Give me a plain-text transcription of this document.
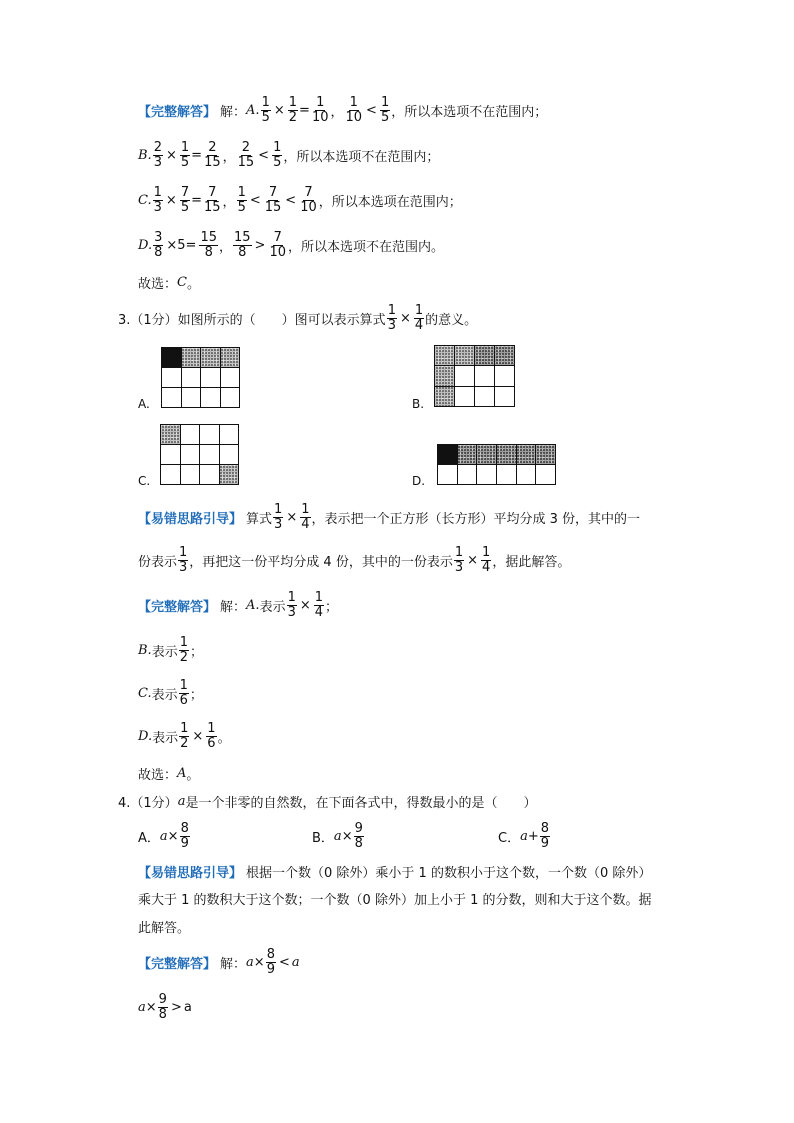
【完整解答】 解： A. $\frac{1}{5} \times \frac{1}{2} = \frac{1}{10}$ ，
1
10 <
1
5 ，所以本选项不在范围内；
B. $\frac{2}{3} \times \frac{1}{5} = \frac{2}{15}$ ，
2
15 <
1
5 ，所以本选项不在范围内；
C. $\frac{1}{3} \times \frac{7}{5} = \frac{7}{15}$ ，
1
5 <
7
15 <
7
10 ，所以本选项在范围内；
D. $\frac{3}{8} \times 5= \frac{15}{8}$ ，
15
8 >
7
10 ，所以本选项不在范围内。
故选： C 。
3.（1分）如图所示的（　　）图可以表示算式 $\frac{1}{3} \times \frac{1}{4}$ 的意义。

A.

				B.

C.

						D.
【易错思路引导】 算式 $\frac{1}{3} \times \frac{1}{4}$ ，表示把一个正方形（长方形）平均分成 3 份，其中的一
份表示
1
3 ，再把这一份平均分成 4 份，其中的一份表示 $\frac{1}{3} \times \frac{1}{4}$ ，据此解答。
【完整解答】 解： A. 表示 $\frac{1}{3} \times \frac{1}{4}$ ；
B. 表示
1
2 ；
C. 表示
1
6 ；
D. 表示 $\frac{1}{2} \times \frac{1}{6}$ 。
故选： A 。
4.（1分） a 是一个非零的自然数，在下面各式中，得数最小的是（　　）
A． $a \times \frac{8}{9}$	B． $a \times \frac{9}{8}$	C． $a + \frac{8}{9}$
【易错思路引导】 根据一个数（0 除外）乘小于 1 的数积小于这个数，一个数（0 除外）
乘大于 1 的数积大于这个数；一个数（0 除外）加上小于 1 的分数，则和大于这个数。据
此解答。
【完整解答】 解： $a \times \frac{8}{9} < a$
$a \times \frac{9}{8} > a$
